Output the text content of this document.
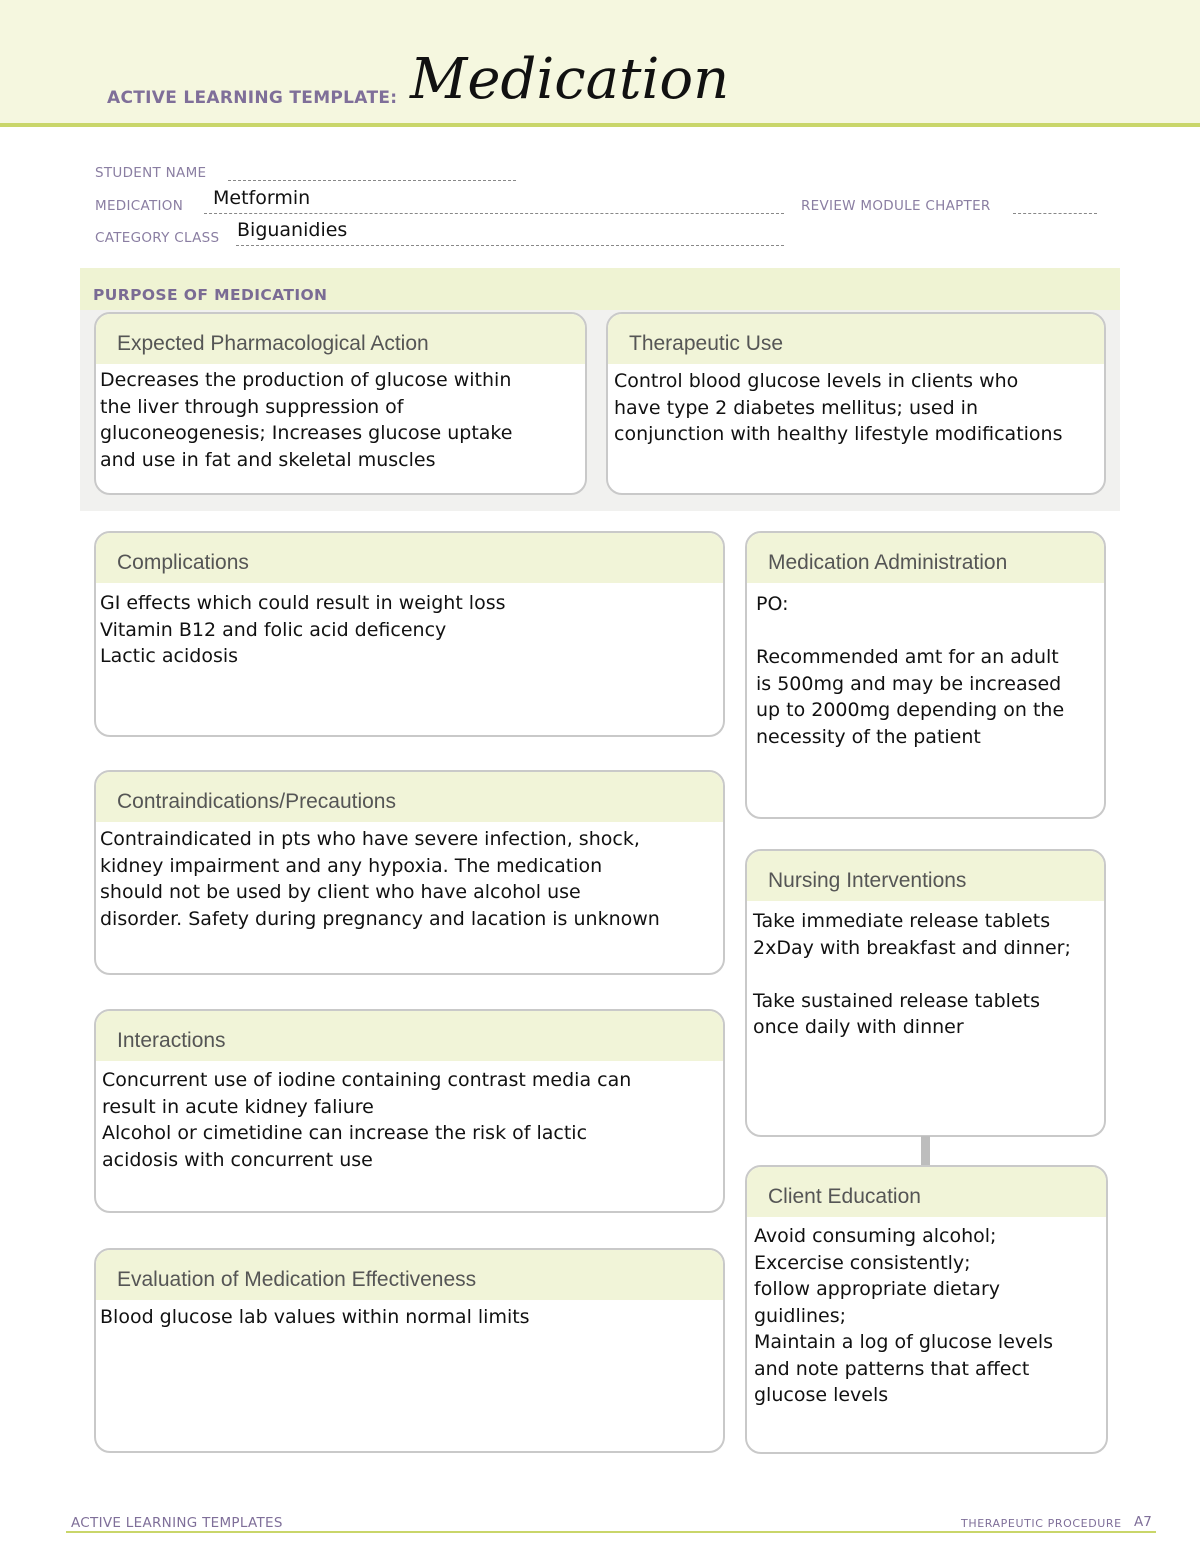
ACTIVE LEARNING TEMPLATE: Medication
STUDENT NAME
MEDICATION Metformin	REVIEW MODULE CHAPTER
CATEGORY CLASS Biguanidies
PURPOSE OF MEDICATION
Expected Pharmacological Action
Decreases the production of glucose within
the liver through suppression of
gluconeogenesis; Increases glucose uptake
and use in fat and skeletal muscles
Therapeutic Use
Control blood glucose levels in clients who
have type 2 diabetes mellitus; used in
conjunction with healthy lifestyle modifications
Complications
GI effects which could result in weight loss
Vitamin B12 and folic acid deficency
Lactic acidosis
Contraindications/Precautions
Contraindicated in pts who have severe infection, shock,
kidney impairment and any hypoxia. The medication
should not be used by client who have alcohol use
disorder. Safety during pregnancy and lacation is unknown
Interactions
Concurrent use of iodine containing contrast media can
result in acute kidney faliure
Alcohol or cimetidine can increase the risk of lactic
acidosis with concurrent use
Evaluation of Medication Effectiveness
Blood glucose lab values within normal limits
Medication Administration
PO:
Recommended amt for an adult
is 500mg and may be increased
up to 2000mg depending on the
necessity of the patient
Nursing Interventions
Take immediate release tablets
2xDay with breakfast and dinner;
Take sustained release tablets
once daily with dinner
Client Education
Avoid consuming alcohol;
Excercise consistently;
follow appropriate dietary
guidlines;
Maintain a log of glucose levels
and note patterns that affect
glucose levels
ACTIVE LEARNING TEMPLATES	THERAPEUTIC PROCEDURE A7
